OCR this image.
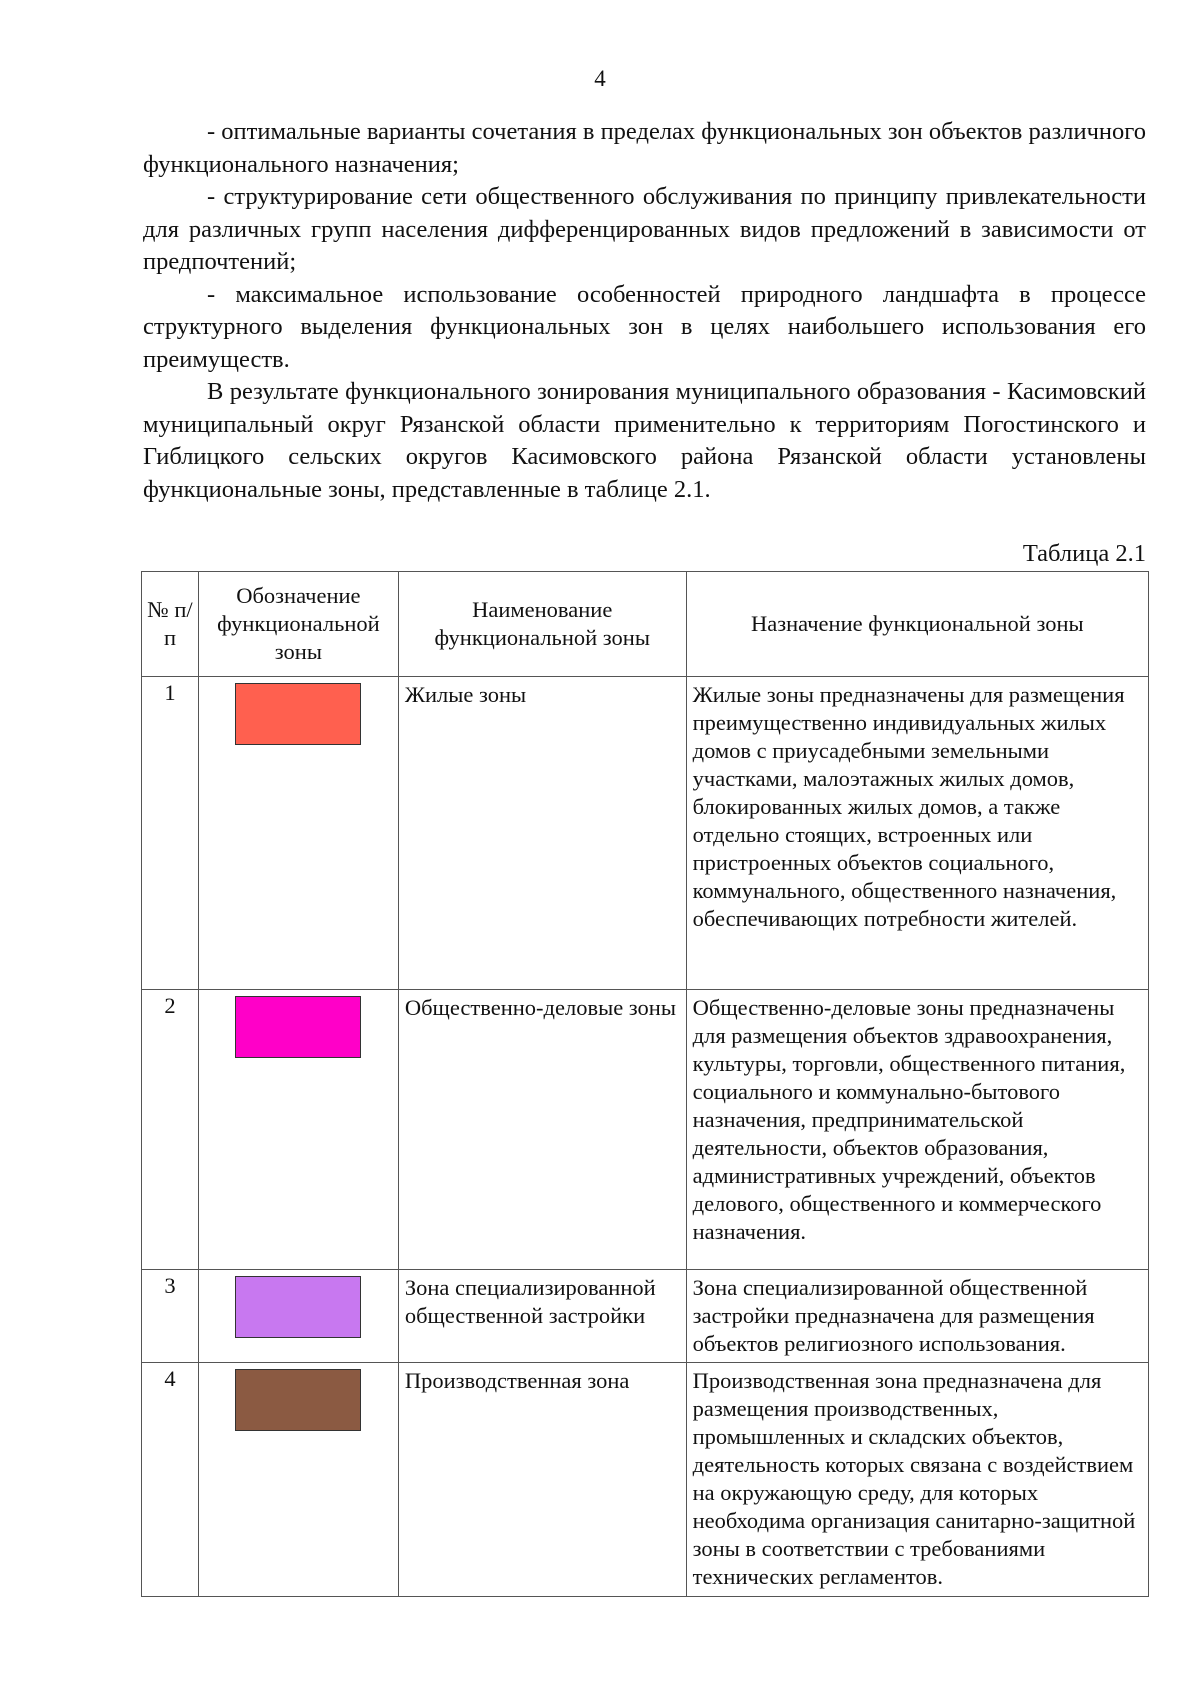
4

- оптимальные варианты сочетания в пределах функциональных зон объектов различного функционального назначения;

- структурирование сети общественного обслуживания по принципу привлекательности для различных групп населения дифференцированных видов предложений в зависимости от предпочтений;

- максимальное использование особенностей природного ландшафта в процессе структурного выделения функциональных зон в целях наибольшего использования его преимуществ.

В результате функционального зонирования муниципального образования - Касимовский муниципальный округ Рязанской области применительно к территориям Погостинского и Гиблицкого сельских округов Касимовского района Рязанской области установлены функциональные зоны, представленные в таблице 2.1.

Таблица 2.1
№ п/п	Обозначение функциональной зоны	Наименование функциональной зоны	Назначение функциональной зоны
1		Жилые зоны	Жилые зоны предназначены для размещения преимущественно индивидуальных жилых домов с приусадебными земельными участками, малоэтажных жилых домов, блокированных жилых домов, а также отдельно стоящих, встроенных или пристроенных объектов социального, коммунального, общественного назначения, обеспечивающих потребности жителей.
2		Общественно-деловые зоны	Общественно-деловые зоны предназначены для размещения объектов здравоохранения, культуры, торговли, общественного питания, социального и коммунально-бытового назначения, предпринимательской деятельности, объектов образования, административных учреждений, объектов делового, общественного и коммерческого назначения.
3		Зона специализированной общественной застройки	Зона специализированной общественной застройки предназначена для размещения объектов религиозного использования.
4		Производственная зона	Производственная зона предназначена для размещения производственных, промышленных и складских объектов, деятельность которых связана с воздействием на окружающую среду, для которых необходима организация санитарно-защитной зоны в соответствии с требованиями технических регламентов.
